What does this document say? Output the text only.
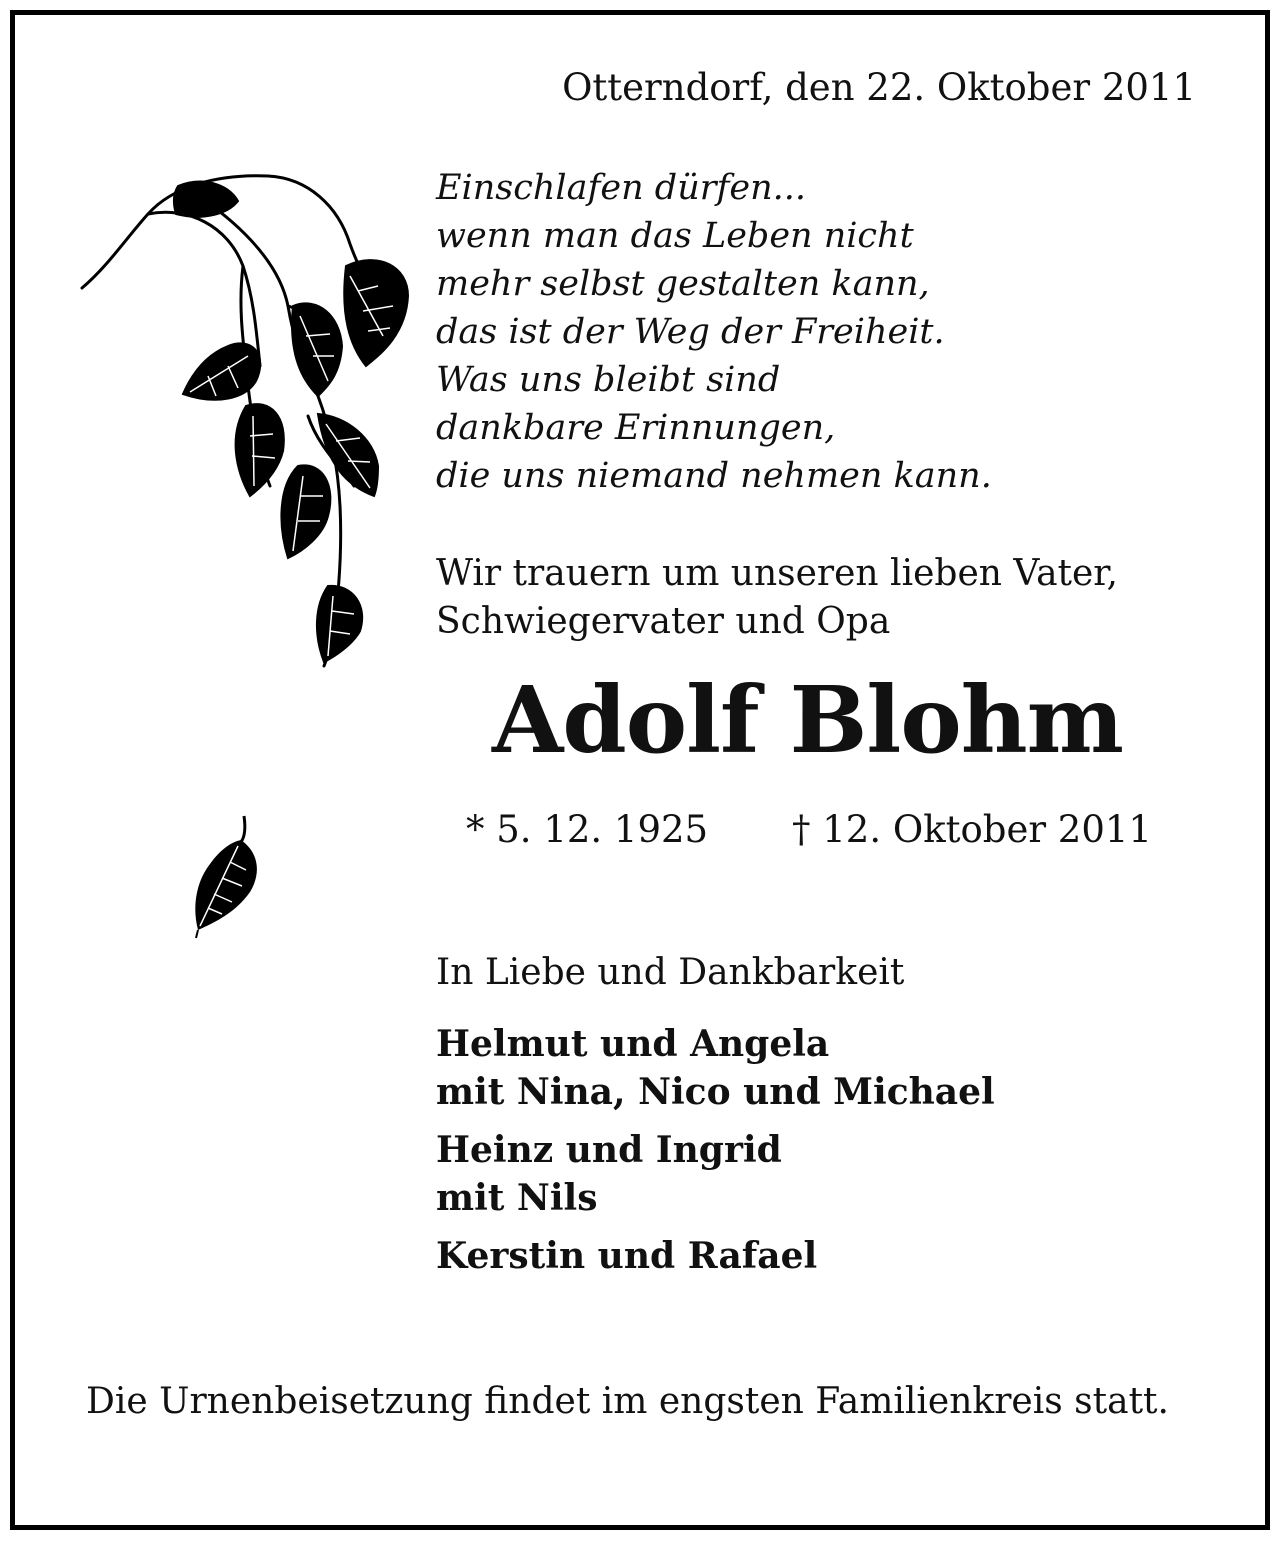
Otterndorf, den 22. Oktober 2011
Einschlafen dürfen...
wenn man das Leben nicht
mehr selbst gestalten kann,
das ist der Weg der Freiheit.
Was uns bleibt sind
dankbare Erinnungen,
die uns niemand nehmen kann.
Wir trauern um unseren lieben Vater,
Schwiegervater und Opa
Adolf Blohm
* 5. 12. 1925 † 12. Oktober 2011
In Liebe und Dankbarkeit
Helmut und Angela
mit Nina, Nico und Michael
Heinz und Ingrid
mit Nils
Kerstin und Rafael
Die Urnenbeisetzung findet im engsten Familienkreis statt.
